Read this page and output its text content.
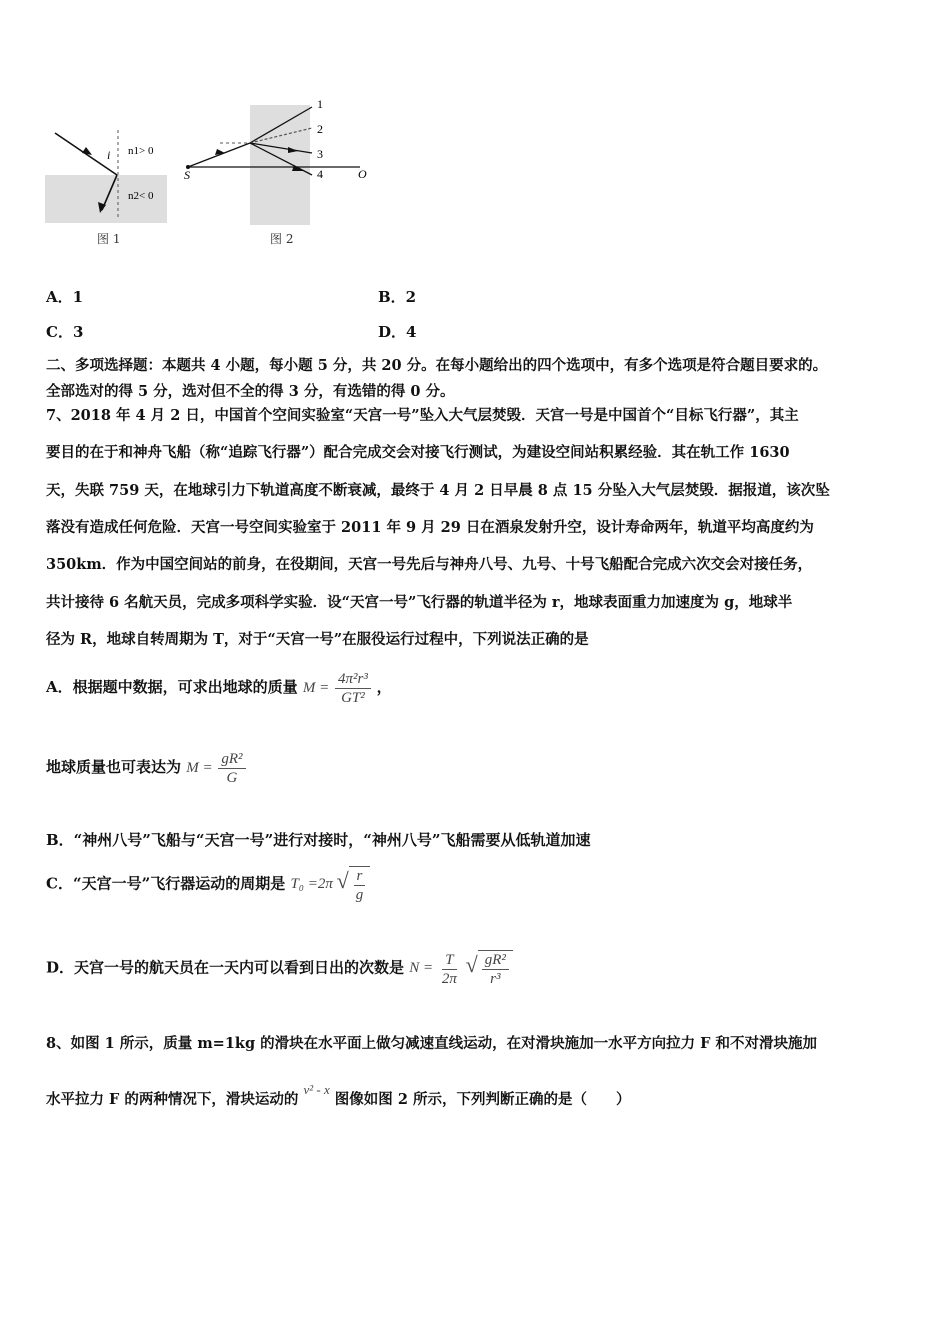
i n1> 0
n2< 0
图 1
1
2
3
4
S	O
图 2
A．1	B．2
C．3	D．4
二、多项选择题：本题共 4 小题，每小题 5 分，共 20 分。在每小题给出的四个选项中，有多个选项是符合题目要求的。
全部选对的得 5 分，选对但不全的得 3 分，有选错的得 0 分。
7、2018 年 4 月 2 日，中国首个空间实验室“天宫一号”坠入大气层焚毁．天宫一号是中国首个“目标飞行器”，其主
要目的在于和神舟飞船（称“追踪飞行器”）配合完成交会对接飞行测试，为建设空间站积累经验．其在轨工作 1630
天，失联 759 天，在地球引力下轨道高度不断衰减，最终于 4 月 2 日早晨 8 点 15 分坠入大气层焚毁．据报道，该次坠
落没有造成任何危险．天宫一号空间实验室于 2011 年 9 月 29 日在酒泉发射升空，设计寿命两年，轨道平均高度约为
350km．作为中国空间站的前身，在役期间，天宫一号先后与神舟八号、九号、十号飞船配合完成六次交会对接任务，
共计接待 6 名航天员，完成多项科学实验．设“天宫一号”飞行器的轨道半径为 r，地球表面重力加速度为 g，地球半
径为 R，地球自转周期为 T，对于“天宫一号”在服役运行过程中，下列说法正确的是
A．根据题中数据，可求出地球的质量 $M = \frac{\text{4π²r³}}{\text{GT²}}$ ，
地球质量也可表达为 $M = \frac{\text{gR²}}{G}$
B．“神州八号”飞船与“天宫一号”进行对接时，“神州八号”飞船需要从低轨道加速
C．“天宫一号”飞行器运动的周期是 T₀ =2π √ $\frac{r}{g}$
D．天宫一号的航天员在一天内可以看到日出的次数是 $N = \frac{T}{2\pi}$ √ $\frac{\text{gR²}}{\text{r³}}$
8、如图 1 所示，质量 m=1kg 的滑块在水平面上做匀减速直线运动，在对滑块施加一水平方向拉力 F 和不对滑块施加
水平拉力 F 的两种情况下，滑块运动的 v² - x 图像如图 2 所示，下列判断正确的是（　　）
